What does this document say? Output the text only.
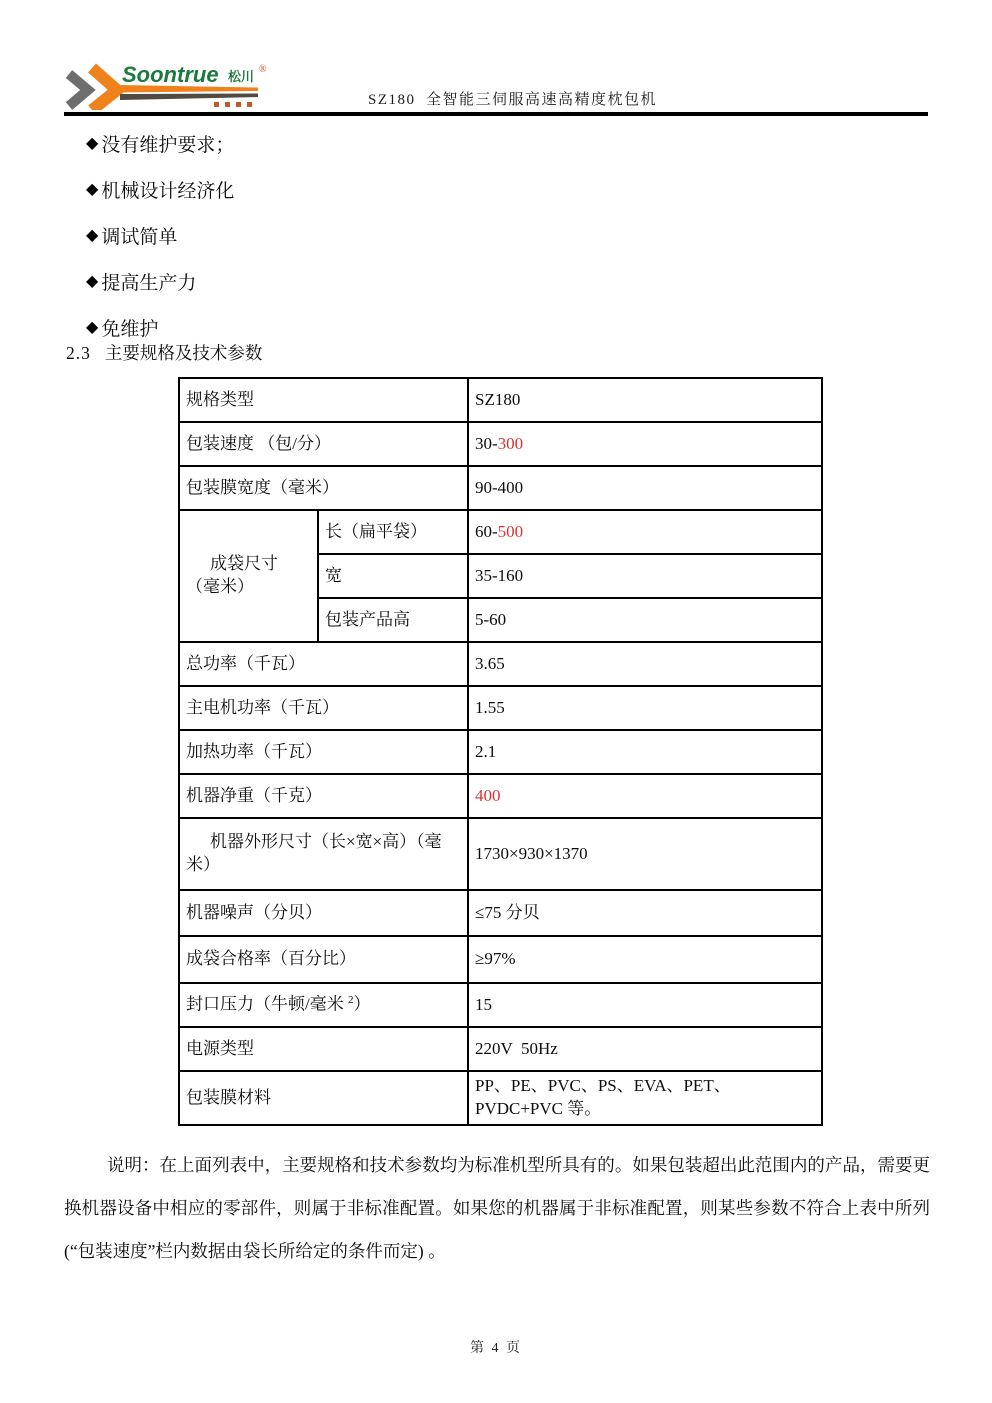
Soontrue 松川 ®
SZ180  全智能三伺服高速高精度枕包机
◆ 没有维护要求；
◆ 机械设计经济化
◆ 调试简单
◆ 提高生产力
◆ 免维护
2.3 主要规格及技术参数
规格类型		SZ180
包装速度 （包/分）		30-300
包装膜宽度（毫米）		90-400
成袋尺寸（毫米）	长（扁平袋）	60-500
	宽	35-160
	包装产品高	5-60
总功率（千瓦）		3.65
主电机功率（千瓦）		1.55
加热功率（千瓦）		2.1
机器净重（千克）		400
机器外形尺寸（长×宽×高）（毫米）		1730×930×1370
机器噪声（分贝）		≤75 分贝
成袋合格率（百分比）		≥97%
封口压力（牛顿/毫米 $^2$）		15
电源类型		220V  50Hz
包装膜材料		PP、PE、PVC、PS、EVA、PET、PVDC+PVC 等。

说明：在上面列表中，主要规格和技术参数均为标准机型所具有的。如果包装超出此范围内的产品，需要更换机器设备中相应的零部件，则属于非标准配置。如果您的机器属于非标准配置，则某些参数不符合上表中所列(“包装速度”栏内数据由袋长所给定的条件而定) 。

第 4 页
